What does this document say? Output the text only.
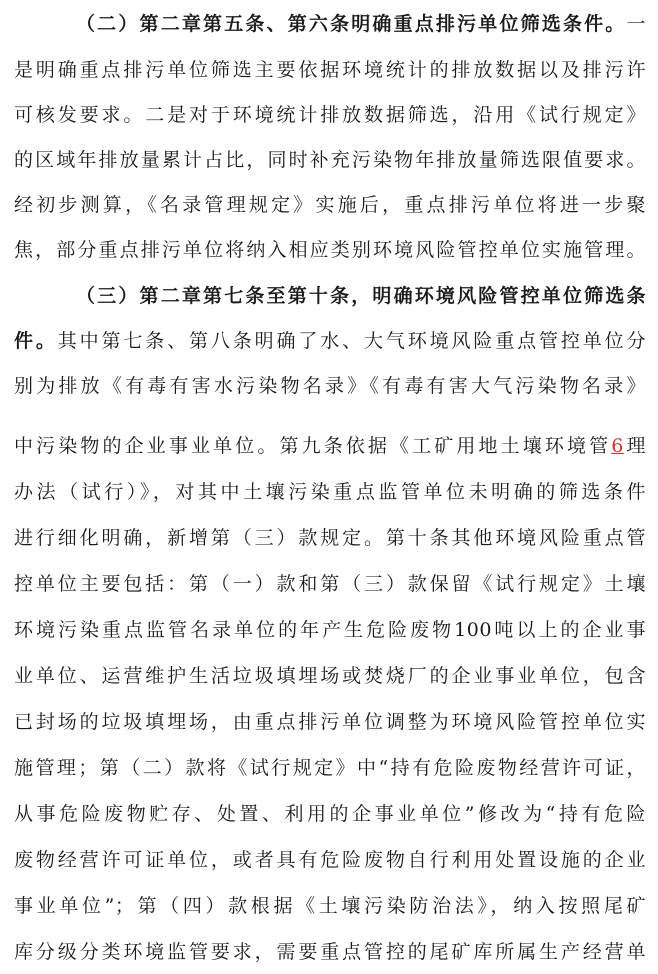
（二）第二章第五条、第六条明确重点排污单位筛选条件。一
是明确重点排污单位筛选主要依据环境统计的排放数据以及排污许
可核发要求。二是对于环境统计排放数据筛选，沿用《试行规定》
的区域年排放量累计占比，同时补充污染物年排放量筛选限值要求。
经初步测算，《名录管理规定》实施后，重点排污单位将进一步聚
焦，部分重点排污单位将纳入相应类别环境风险管控单位实施管理。
（三）第二章第七条至第十条，明确环境风险管控单位筛选条
件。其中第七条、第八条明确了水、大气环境风险重点管控单位分
别为排放《有毒有害水污染物名录》《有毒有害大气污染物名录》
中污染物的企业事业单位。第九条依据《工矿用地土壤环境管6理
办法（试行）》，对其中土壤污染重点监管单位未明确的筛选条件
进行细化明确，新增第（三）款规定。第十条其他环境风险重点管
控单位主要包括：第（一）款和第（三）款保留《试行规定》土壤
环境污染重点监管名录单位的年产生危险废物100吨以上的企业事
业单位、运营维护生活垃圾填埋场或焚烧厂的企业事业单位，包含
已封场的垃圾填埋场，由重点排污单位调整为环境风险管控单位实
施管理；第（二）款将《试行规定》中“持有危险废物经营许可证，
从事危险废物贮存、处置、利用的企事业单位”修改为“持有危险
废物经营许可证单位，或者具有危险废物自行利用处置设施的企业
事业单位”；第（四）款根据《土壤污染防治法》，纳入按照尾矿
库分级分类环境监管要求，需要重点管控的尾矿库所属生产经营单
